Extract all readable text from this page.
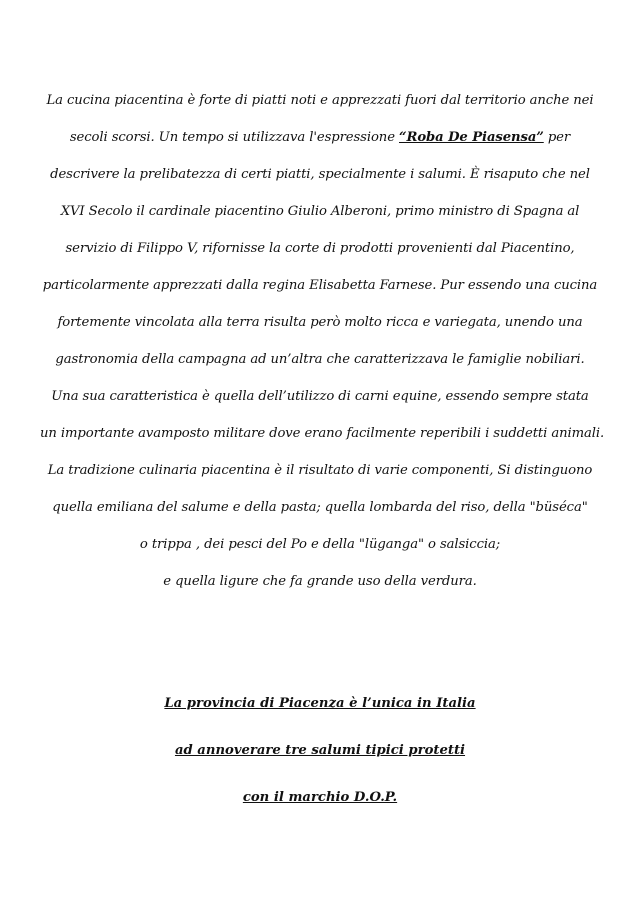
La cucina piacentina è forte di piatti noti e apprezzati fuori dal territorio anche nei
secoli scorsi. Un tempo si utilizzava l'espressione “Roba De Piasensa” per
descrivere la prelibatezza di certi piatti, specialmente i salumi. È risaputo che nel
XVI Secolo il cardinale piacentino Giulio Alberoni, primo ministro di Spagna al
servizio di Filippo V, rifornisse la corte di prodotti provenienti dal Piacentino,
particolarmente apprezzati dalla regina Elisabetta Farnese. Pur essendo una cucina
fortemente vincolata alla terra risulta però molto ricca e variegata, unendo una
gastronomia della campagna ad un’altra che caratterizzava le famiglie nobiliari.
Una sua caratteristica è quella dell’utilizzo di carni equine, essendo sempre stata
un importante avamposto militare dove erano facilmente reperibili i suddetti animali.
La tradizione culinaria piacentina è il risultato di varie componenti, Si distinguono
quella emiliana del salume e della pasta; quella lombarda del riso, della "büséca"
o trippa , dei pesci del Po e della "lüganga" o salsiccia;
e quella ligure che fa grande uso della verdura.
La provincia di Piacenza è l’unica in Italia
ad annoverare tre salumi tipici protetti
con il marchio D.O.P.
